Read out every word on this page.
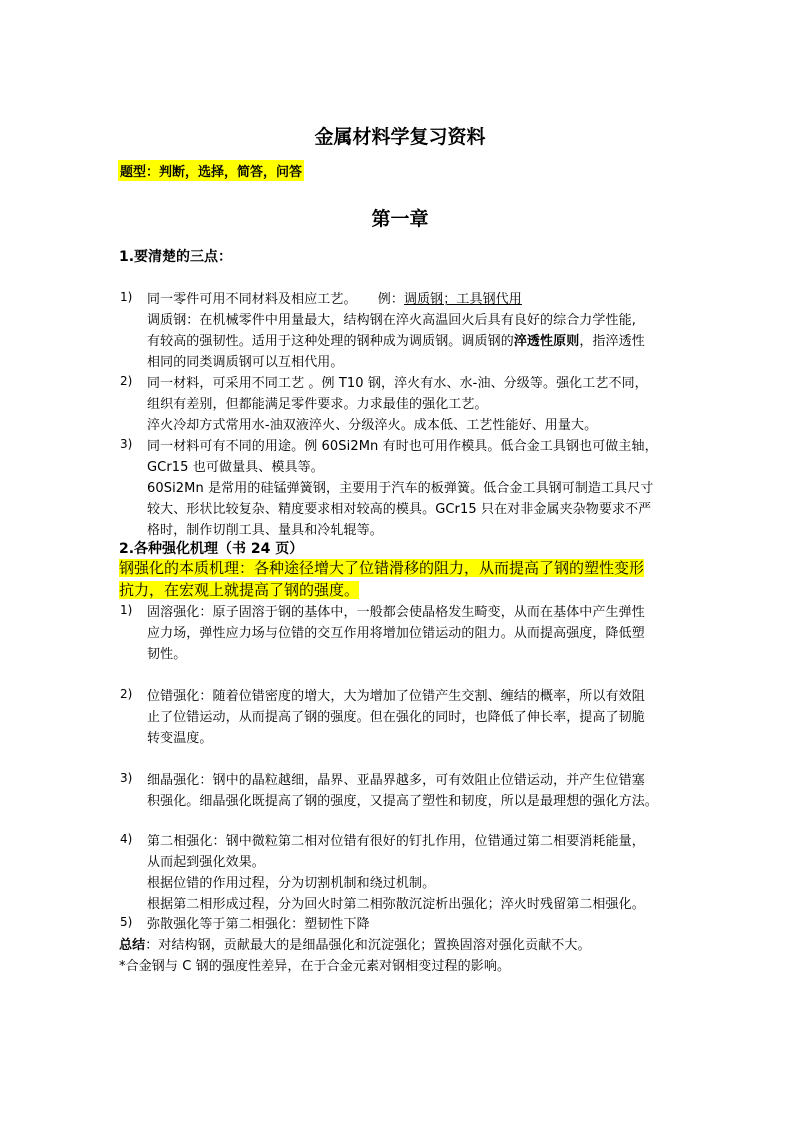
金属材料学复习资料
题型：判断，选择，简答，问答
第一章
1.要清楚的三点：
1) 同一零件可用不同材料及相应工艺。 例：调质钢；工具钢代用
调质钢：在机械零件中用量最大，结构钢在淬火高温回火后具有良好的综合力学性能,
有较高的强韧性。适用于这种处理的钢种成为调质钢。调质钢的淬透性原则，指淬透性
相同的同类调质钢可以互相代用。
2) 同一材料，可采用不同工艺 。例 T10 钢，淬火有水、水-油、分级等。强化工艺不同，
组织有差别，但都能满足零件要求。力求最佳的强化工艺。
淬火冷却方式常用水-油双液淬火、分级淬火。成本低、工艺性能好、用量大。
3) 同一材料可有不同的用途。例 60Si2Mn 有时也可用作模具。低合金工具钢也可做主轴，
GCr15 也可做量具、模具等。
60Si2Mn 是常用的硅锰弹簧钢，主要用于汽车的板弹簧。低合金工具钢可制造工具尺寸
较大、形状比较复杂、精度要求相对较高的模具。GCr15 只在对非金属夹杂物要求不严
格时，制作切削工具、量具和冷轧辊等。
2.各种强化机理（书 24 页）
钢强化的本质机理：各种途径增大了位错滑移的阻力，从而提高了钢的塑性变形
抗力，在宏观上就提高了钢的强度。
1) 固溶强化：原子固溶于钢的基体中，一般都会使晶格发生畸变，从而在基体中产生弹性
应力场，弹性应力场与位错的交互作用将增加位错运动的阻力。从而提高强度，降低塑
韧性。
2) 位错强化：随着位错密度的增大，大为增加了位错产生交割、缠结的概率，所以有效阻
止了位错运动，从而提高了钢的强度。但在强化的同时，也降低了伸长率，提高了韧脆
转变温度。
3) 细晶强化：钢中的晶粒越细，晶界、亚晶界越多，可有效阻止位错运动，并产生位错塞
积强化。细晶强化既提高了钢的强度，又提高了塑性和韧度，所以是最理想的强化方法。
4) 第二相强化：钢中微粒第二相对位错有很好的钉扎作用，位错通过第二相要消耗能量，
从而起到强化效果。
根据位错的作用过程，分为切割机制和绕过机制。
根据第二相形成过程，分为回火时第二相弥散沉淀析出强化；淬火时残留第二相强化。
5) 弥散强化等于第二相强化：塑韧性下降
总结：对结构钢，贡献最大的是细晶强化和沉淀强化；置换固溶对强化贡献不大。
*合金钢与 C 钢的强度性差异，在于合金元素对钢相变过程的影响。
